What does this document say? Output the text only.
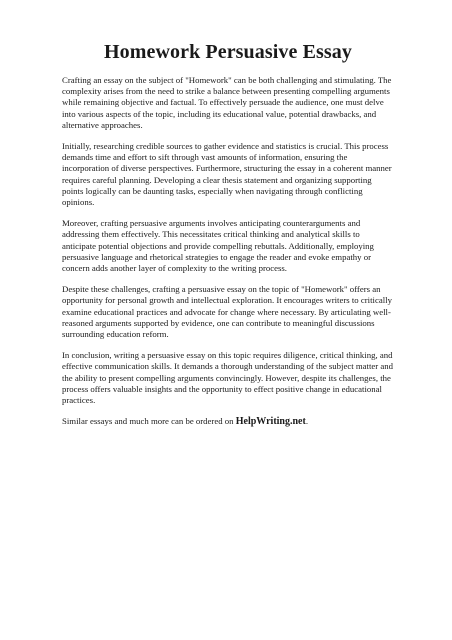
Homework Persuasive Essay

Crafting an essay on the subject of "Homework" can be both challenging and stimulating. The complexity arises from the need to strike a balance between presenting compelling arguments while remaining objective and factual. To effectively persuade the audience, one must delve into various aspects of the topic, including its educational value, potential drawbacks, and alternative approaches.

Initially, researching credible sources to gather evidence and statistics is crucial. This process demands time and effort to sift through vast amounts of information, ensuring the incorporation of diverse perspectives. Furthermore, structuring the essay in a coherent manner requires careful planning. Developing a clear thesis statement and organizing supporting points logically can be daunting tasks, especially when navigating through conflicting opinions.

Moreover, crafting persuasive arguments involves anticipating counterarguments and addressing them effectively. This necessitates critical thinking and analytical skills to anticipate potential objections and provide compelling rebuttals. Additionally, employing persuasive language and rhetorical strategies to engage the reader and evoke empathy or concern adds another layer of complexity to the writing process.

Despite these challenges, crafting a persuasive essay on the topic of "Homework" offers an opportunity for personal growth and intellectual exploration. It encourages writers to critically examine educational practices and advocate for change where necessary. By articulating well-reasoned arguments supported by evidence, one can contribute to meaningful discussions surrounding education reform.

In conclusion, writing a persuasive essay on this topic requires diligence, critical thinking, and effective communication skills. It demands a thorough understanding of the subject matter and the ability to present compelling arguments convincingly. However, despite its challenges, the process offers valuable insights and the opportunity to effect positive change in educational practices.

Similar essays and much more can be ordered on HelpWriting.net.
